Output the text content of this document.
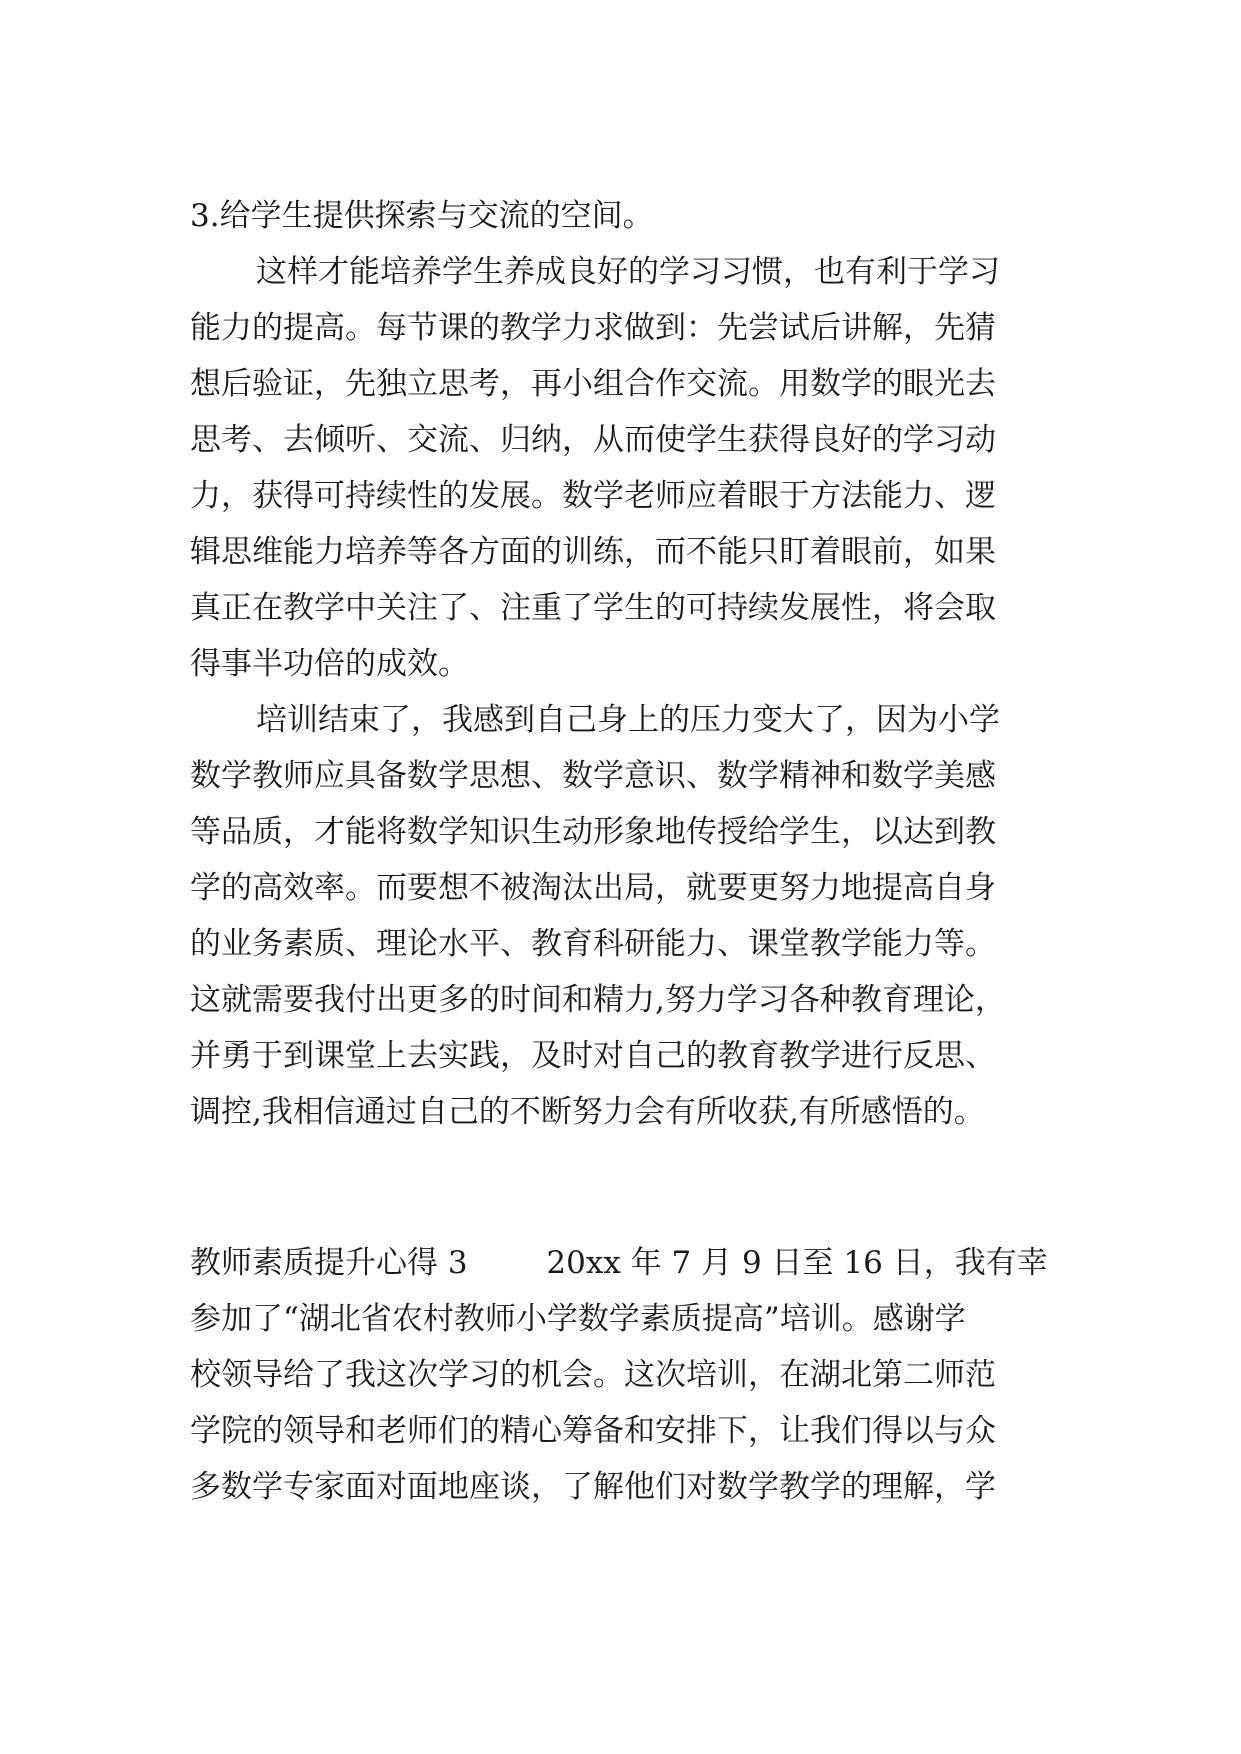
3.给学生提供探索与交流的空间。
这样才能培养学生养成良好的学习习惯，也有利于学习
能力的提高。每节课的教学力求做到：先尝试后讲解，先猜
想后验证，先独立思考，再小组合作交流。用数学的眼光去
思考、去倾听、交流、归纳，从而使学生获得良好的学习动
力，获得可持续性的发展。数学老师应着眼于方法能力、逻
辑思维能力培养等各方面的训练，而不能只盯着眼前，如果
真正在教学中关注了、注重了学生的可持续发展性，将会取
得事半功倍的成效。
培训结束了，我感到自己身上的压力变大了，因为小学
数学教师应具备数学思想、数学意识、数学精神和数学美感
等品质，才能将数学知识生动形象地传授给学生，以达到教
学的高效率。而要想不被淘汰出局，就要更努力地提高自身
的业务素质、理论水平、教育科研能力、课堂教学能力等。
这就需要我付出更多的时间和精力,努力学习各种教育理论，
并勇于到课堂上去实践，及时对自己的教育教学进行反思、
调控,我相信通过自己的不断努力会有所收获,有所感悟的。
教师素质提升心得 3        20xx 年 7 月 9 日至 16 日，我有幸
参加了“湖北省农村教师小学数学素质提高”培训。感谢学
校领导给了我这次学习的机会。这次培训，在湖北第二师范
学院的领导和老师们的精心筹备和安排下，让我们得以与众
多数学专家面对面地座谈，了解他们对数学教学的理解，学
